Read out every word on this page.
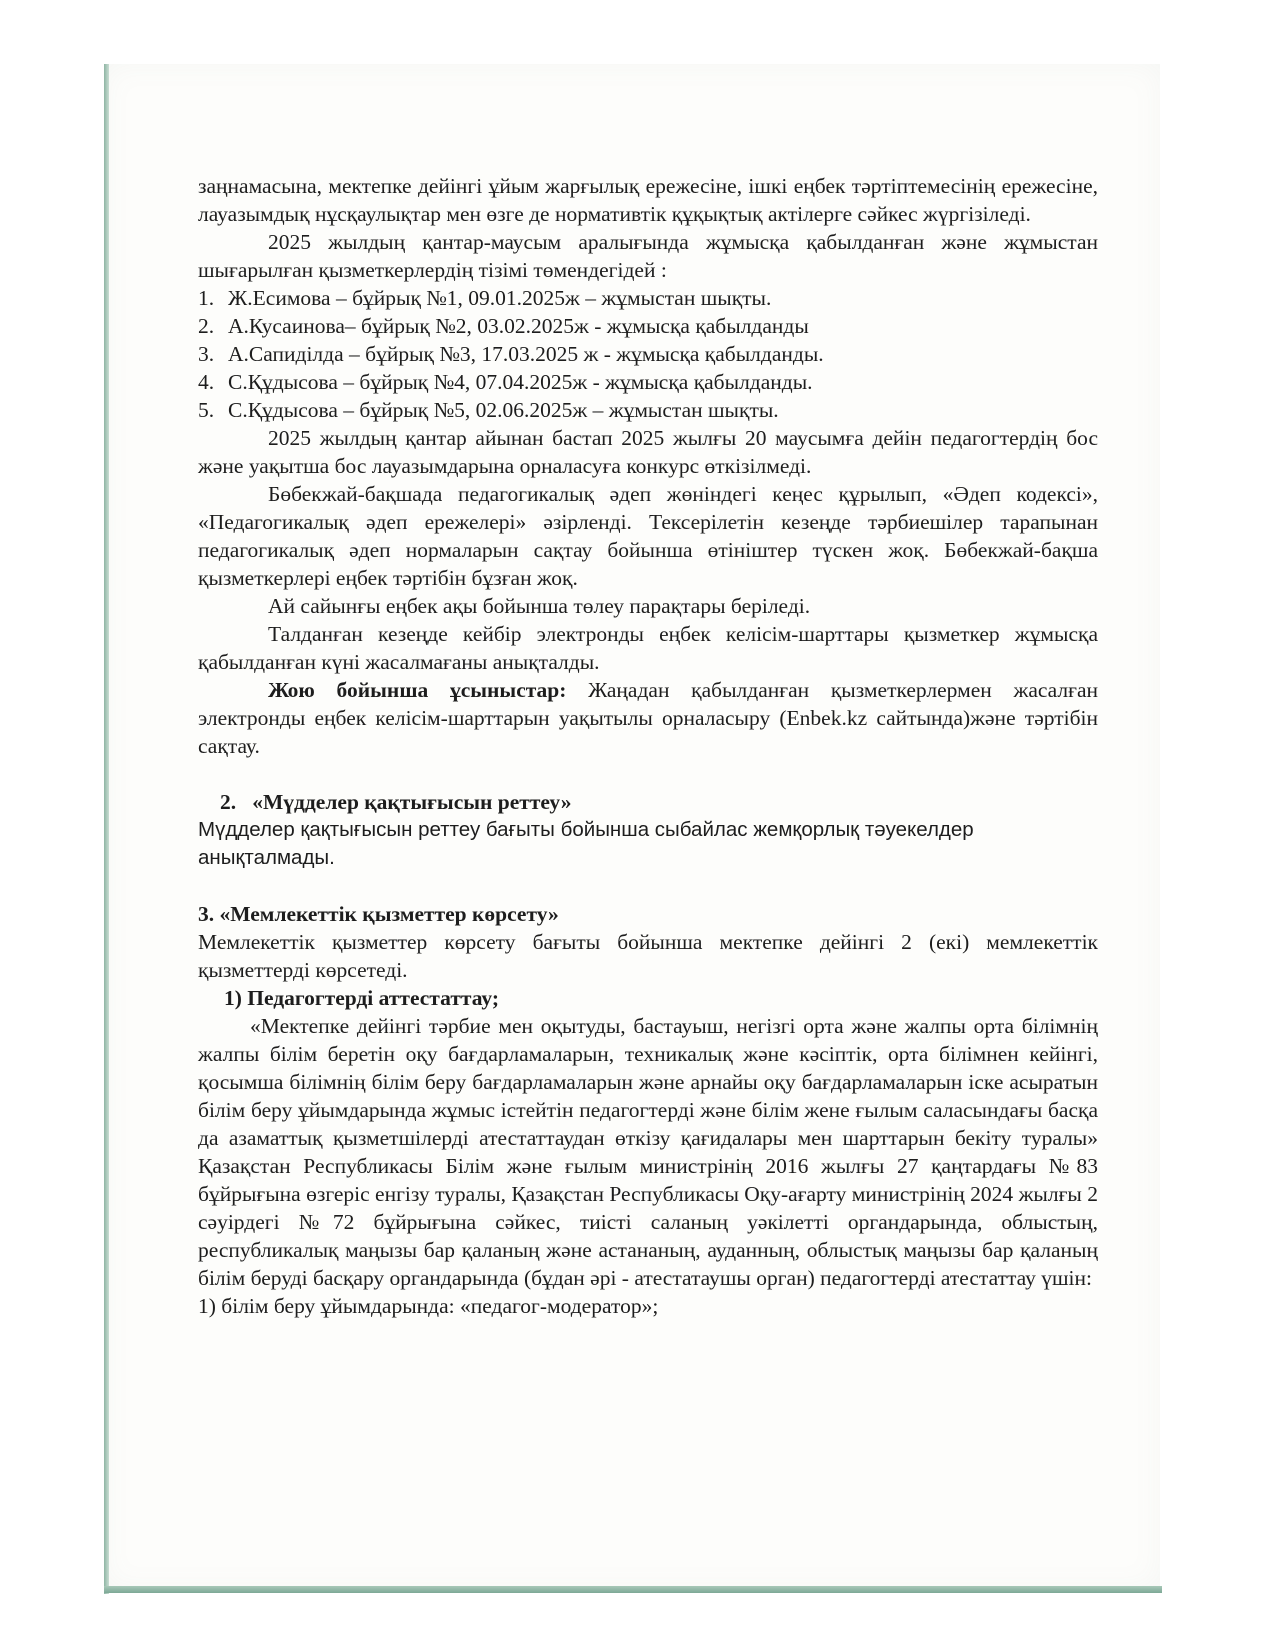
заңнамасына, мектепке дейінгі ұйым жарғылық ережесіне, ішкі еңбек тәртіптемесінің ережесіне, лауазымдық нұсқаулықтар мен өзге де нормативтік құқықтық актілерге сәйкес жүргізіледі.

2025 жылдың қантар-маусым аралығында жұмысқа қабылданған және жұмыстан шығарылған қызметкерлердің тізімі төмендегідей :

1. Ж.Есимова – бұйрық №1, 09.01.2025ж – жұмыстан шықты.

2. А.Кусаинова– бұйрық №2, 03.02.2025ж - жұмысқа қабылданды

3. А.Сапиділда – бұйрық №3, 17.03.2025 ж - жұмысқа қабылданды.

4. С.Құдысова – бұйрық №4, 07.04.2025ж - жұмысқа қабылданды.

5. С.Құдысова – бұйрық №5, 02.06.2025ж – жұмыстан шықты.

2025 жылдың қантар айынан бастап 2025 жылғы 20 маусымға дейін педагогтердің бос және уақытша бос лауазымдарына орналасуға конкурс өткізілмеді.

Бөбекжай-бақшада педагогикалық әдеп жөніндегі кеңес құрылып, «Әдеп кодексі», «Педагогикалық әдеп ережелері» әзірленді. Тексерілетін кезеңде тәрбиешілер тарапынан педагогикалық әдеп нормаларын сақтау бойынша өтініштер түскен жоқ. Бөбекжай-бақша қызметкерлері еңбек тәртібін бұзған жоқ.

Ай сайынғы еңбек ақы бойынша төлеу парақтары беріледі.

Талданған кезеңде кейбір электронды еңбек келісім-шарттары қызметкер жұмысқа қабылданған күні жасалмағаны анықталды.

Жою бойынша ұсыныстар: Жаңадан қабылданған қызметкерлермен жасалған электронды еңбек келісім-шарттарын уақытылы орналасыру (Enbek.kz сайтында)және тәртібін сақтау.

2. «Мүдделер қақтығысын реттеу»

Мүдделер қақтығысын реттеу бағыты бойынша сыбайлас жемқорлық тәуекелдер анықталмады.

3. «Мемлекеттік қызметтер көрсету»

Мемлекеттік қызметтер көрсету бағыты бойынша мектепке дейінгі 2 (екі) мемлекеттік қызметтерді көрсетеді.

1) Педагогтерді аттестаттау;

«Мектепке дейінгі тәрбие мен оқытуды, бастауыш, негізгі орта және жалпы орта білімнің жалпы білім беретін оқу бағдарламаларын, техникалық және кәсіптік, орта білімнен кейінгі, қосымша білімнің білім беру бағдарламаларын және арнайы оқу бағдарламаларын іске асыратын білім беру ұйымдарында жұмыс істейтін педагогтерді және білім жене ғылым саласындағы басқа да азаматтық қызметшілерді атестаттаудан өткізу қағидалары мен шарттарын бекіту туралы» Қазақстан Республикасы Білім және ғылым министрінің 2016 жылғы 27 қаңтардағы №83 бұйрығына өзгеріс енгізу туралы, Қазақстан Республикасы Оқу-ағарту министрінің 2024 жылғы 2 сәуірдегі №72 бұйрығына сәйкес, тиісті саланың уәкілетті органдарында, облыстың, республикалық маңызы бар қаланың және астананың, ауданның, облыстық маңызы бар қаланың білім беруді басқару органдарында (бұдан әрі - атестатаушы орган) педагогтерді атестаттау үшін:

1) білім беру ұйымдарында: «педагог-модератор»;
